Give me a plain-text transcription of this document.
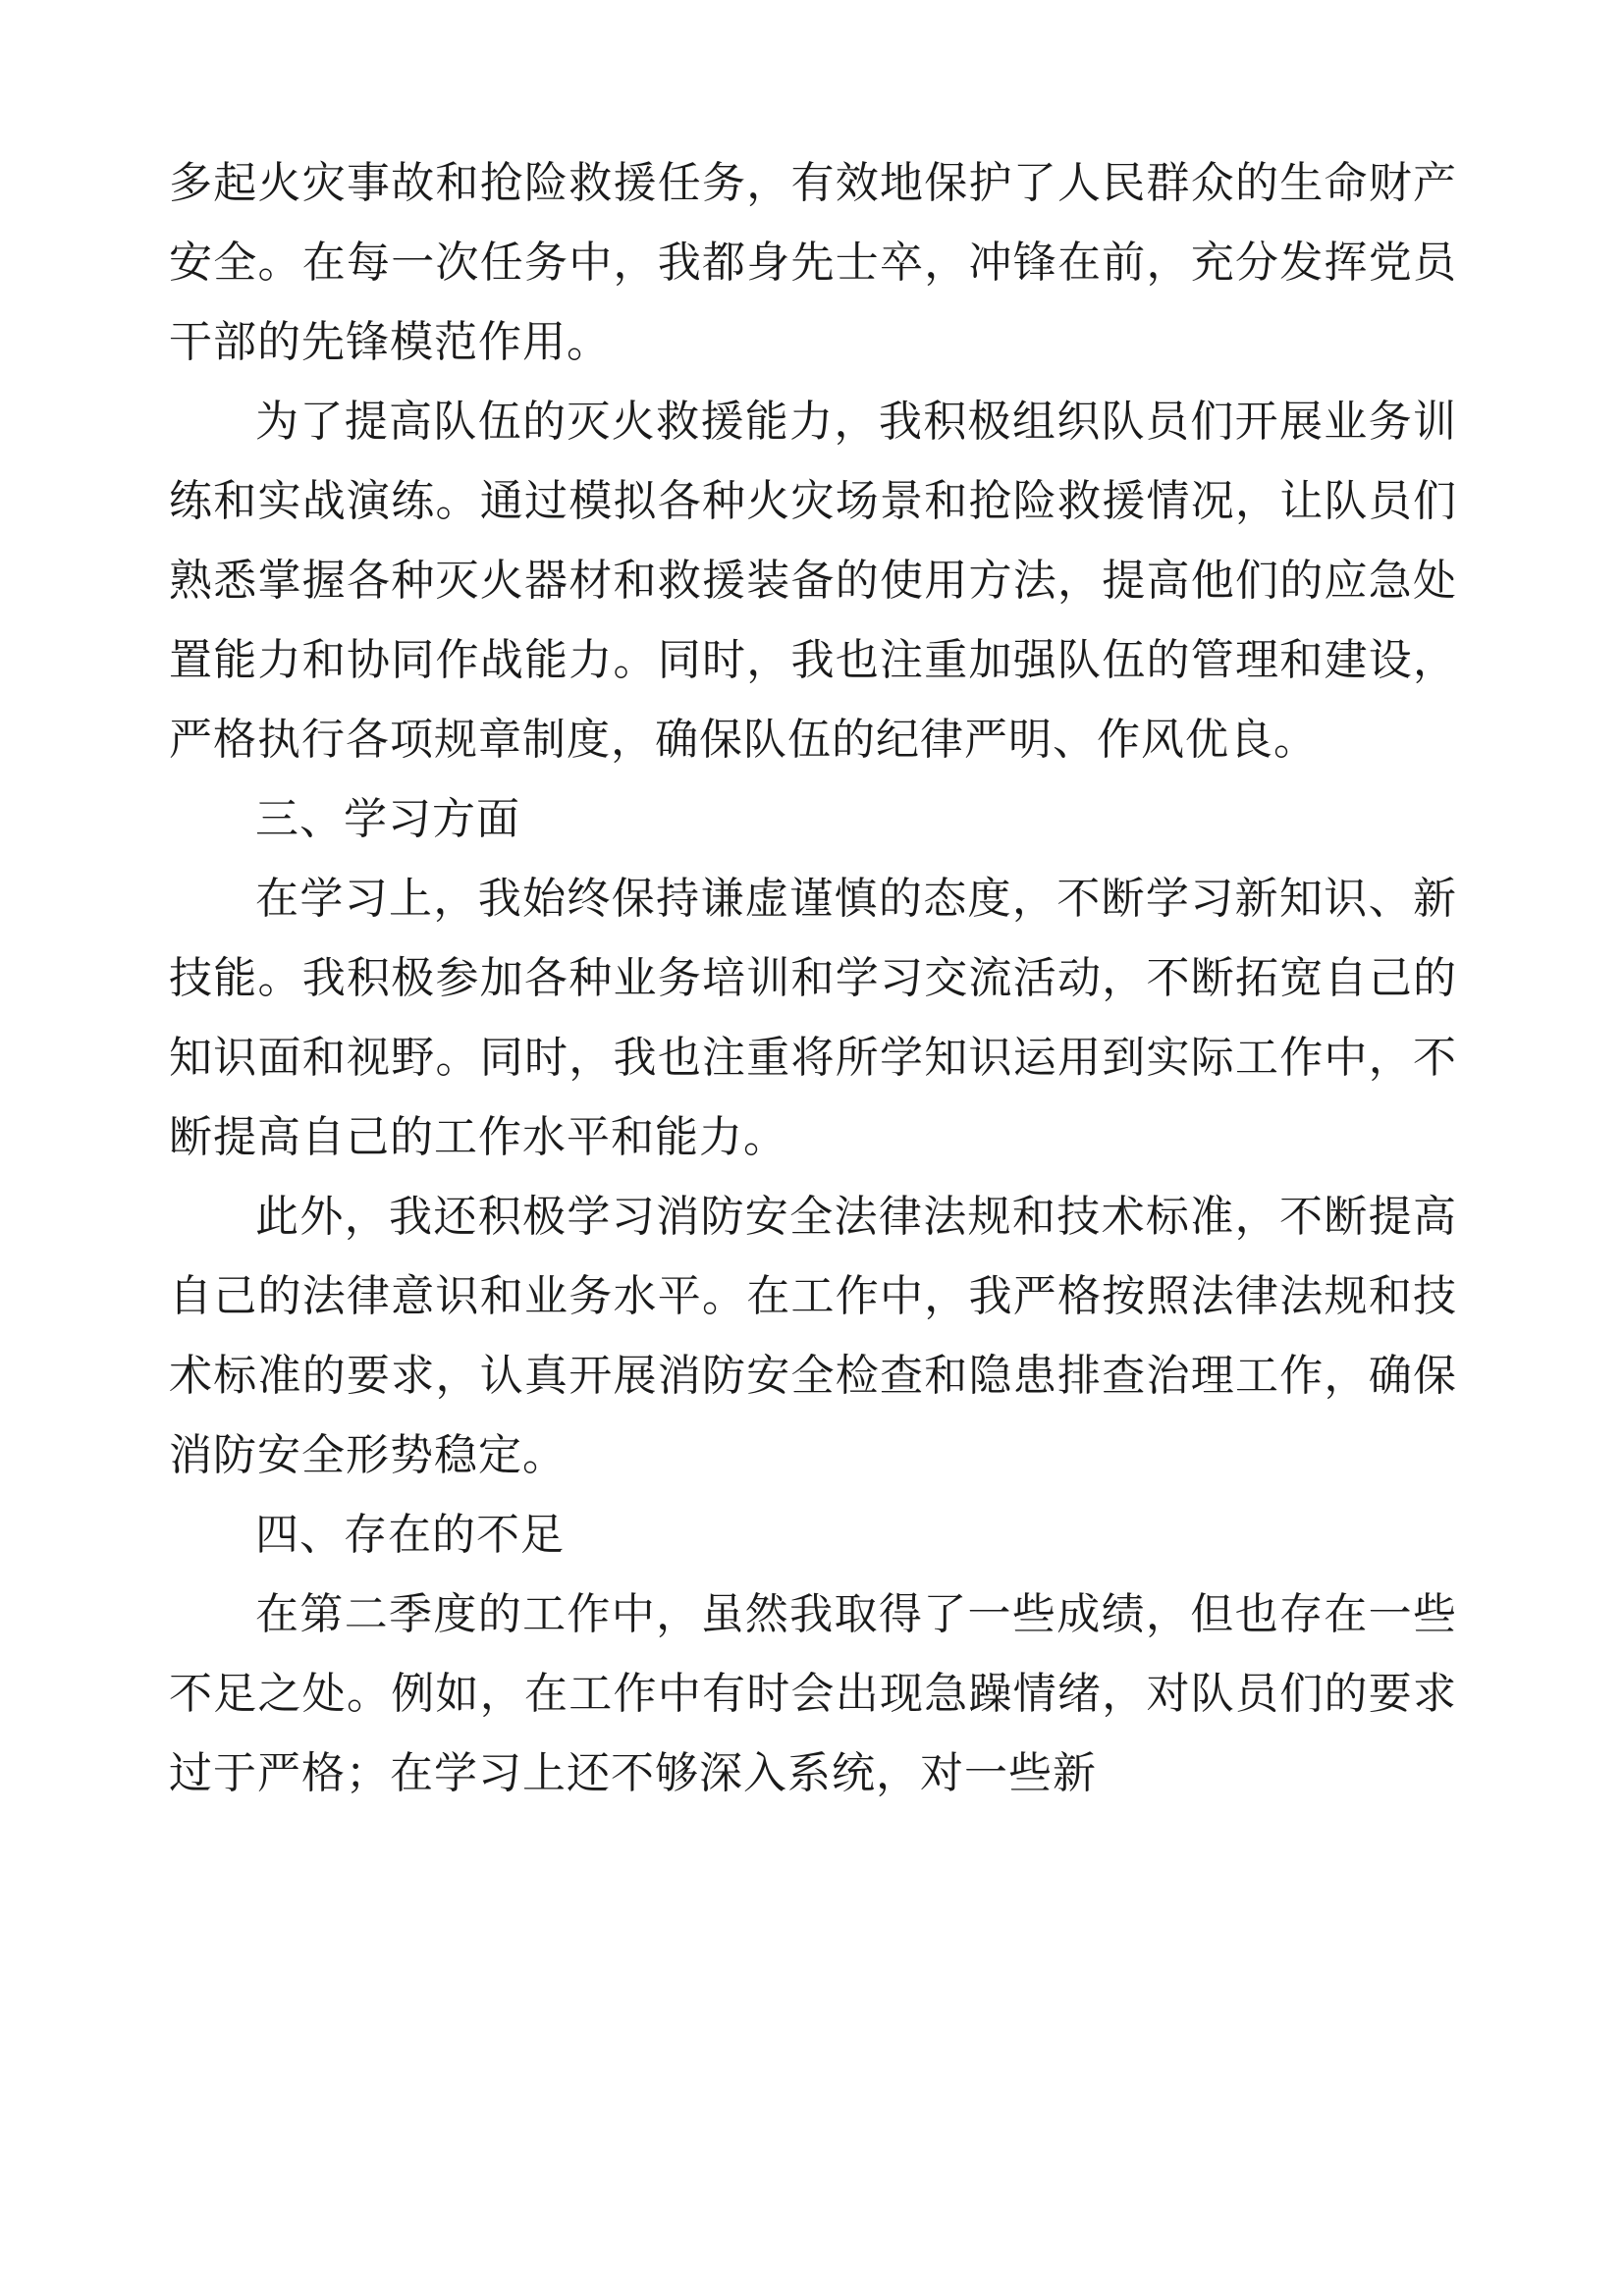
多起火灾事故和抢险救援任务，有效地保护了人民群众的生命财产安全。在每一次任务中，我都身先士卒，冲锋在前，充分发挥党员干部的先锋模范作用。

为了提高队伍的灭火救援能力，我积极组织队员们开展业务训练和实战演练。通过模拟各种火灾场景和抢险救援情况，让队员们熟悉掌握各种灭火器材和救援装备的使用方法，提高他们的应急处置能力和协同作战能力。同时，我也注重加强队伍的管理和建设，严格执行各项规章制度，确保队伍的纪律严明、作风优良。

三、学习方面

在学习上，我始终保持谦虚谨慎的态度，不断学习新知识、新技能。我积极参加各种业务培训和学习交流活动，不断拓宽自己的知识面和视野。同时，我也注重将所学知识运用到实际工作中，不断提高自己的工作水平和能力。

此外，我还积极学习消防安全法律法规和技术标准，不断提高自己的法律意识和业务水平。在工作中，我严格按照法律法规和技术标准的要求，认真开展消防安全检查和隐患排查治理工作，确保消防安全形势稳定。

四、存在的不足

在第二季度的工作中，虽然我取得了一些成绩，但也存在一些不足之处。例如，在工作中有时会出现急躁情绪，对队员们的要求过于严格；在学习上还不够深入系统，对一些新
